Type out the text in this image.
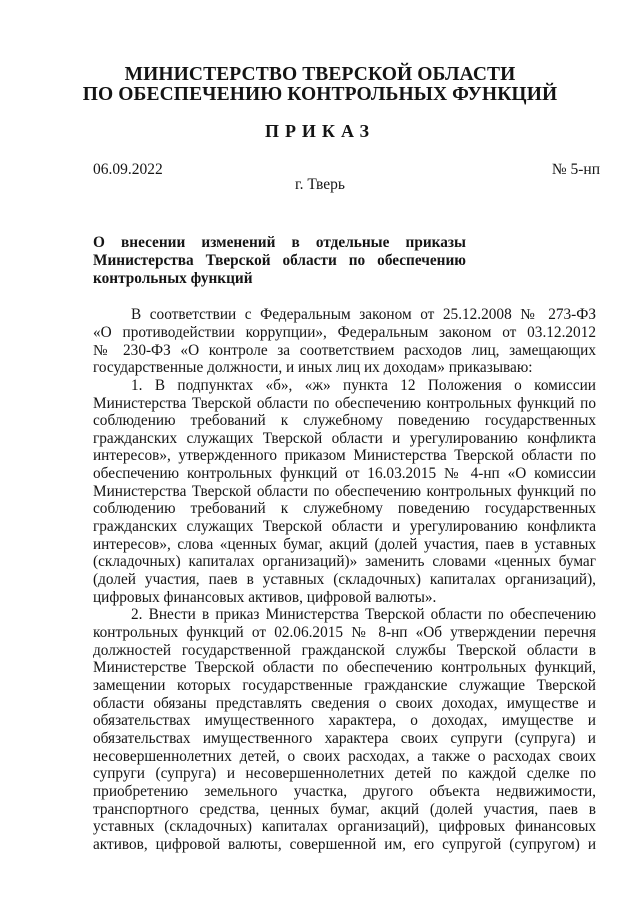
МИНИСТЕРСТВО ТВЕРСКОЙ ОБЛАСТИ
ПО ОБЕСПЕЧЕНИЮ КОНТРОЛЬНЫХ ФУНКЦИЙ
ПРИКАЗ
06.09.2022	№ 5-нп
г. Тверь
О внесении изменений в отдельные приказы
Министерства Тверской области по обеспечению
контрольных функций
В соответствии с Федеральным законом от 25.12.2008 № 273-ФЗ
«О противодействии коррупции», Федеральным законом от 03.12.2012
№ 230-ФЗ «О контроле за соответствием расходов лиц, замещающих
государственные должности, и иных лиц их доходам» приказываю:
1. В подпунктах «б», «ж» пункта 12 Положения о комиссии
Министерства Тверской области по обеспечению контрольных функций по
соблюдению требований к служебному поведению государственных
гражданских служащих Тверской области и урегулированию конфликта
интересов», утвержденного приказом Министерства Тверской области по
обеспечению контрольных функций от 16.03.2015 № 4-нп «О комиссии
Министерства Тверской области по обеспечению контрольных функций по
соблюдению требований к служебному поведению государственных
гражданских служащих Тверской области и урегулированию конфликта
интересов», слова «ценных бумаг, акций (долей участия, паев в уставных
(складочных) капиталах организаций)» заменить словами «ценных бумаг
(долей участия, паев в уставных (складочных) капиталах организаций),
цифровых финансовых активов, цифровой валюты».
2. Внести в приказ Министерства Тверской области по обеспечению
контрольных функций от 02.06.2015 № 8-нп «Об утверждении перечня
должностей государственной гражданской службы Тверской области в
Министерстве Тверской области по обеспечению контрольных функций,
замещении которых государственные гражданские служащие Тверской
области обязаны представлять сведения о своих доходах, имуществе и
обязательствах имущественного характера, о доходах, имуществе и
обязательствах имущественного характера своих супруги (супруга) и
несовершеннолетних детей, о своих расходах, а также о расходах своих
супруги (супруга) и несовершеннолетних детей по каждой сделке по
приобретению земельного участка, другого объекта недвижимости,
транспортного средства, ценных бумаг, акций (долей участия, паев в
уставных (складочных) капиталах организаций), цифровых финансовых
активов, цифровой валюты, совершенной им, его супругой (супругом) и
